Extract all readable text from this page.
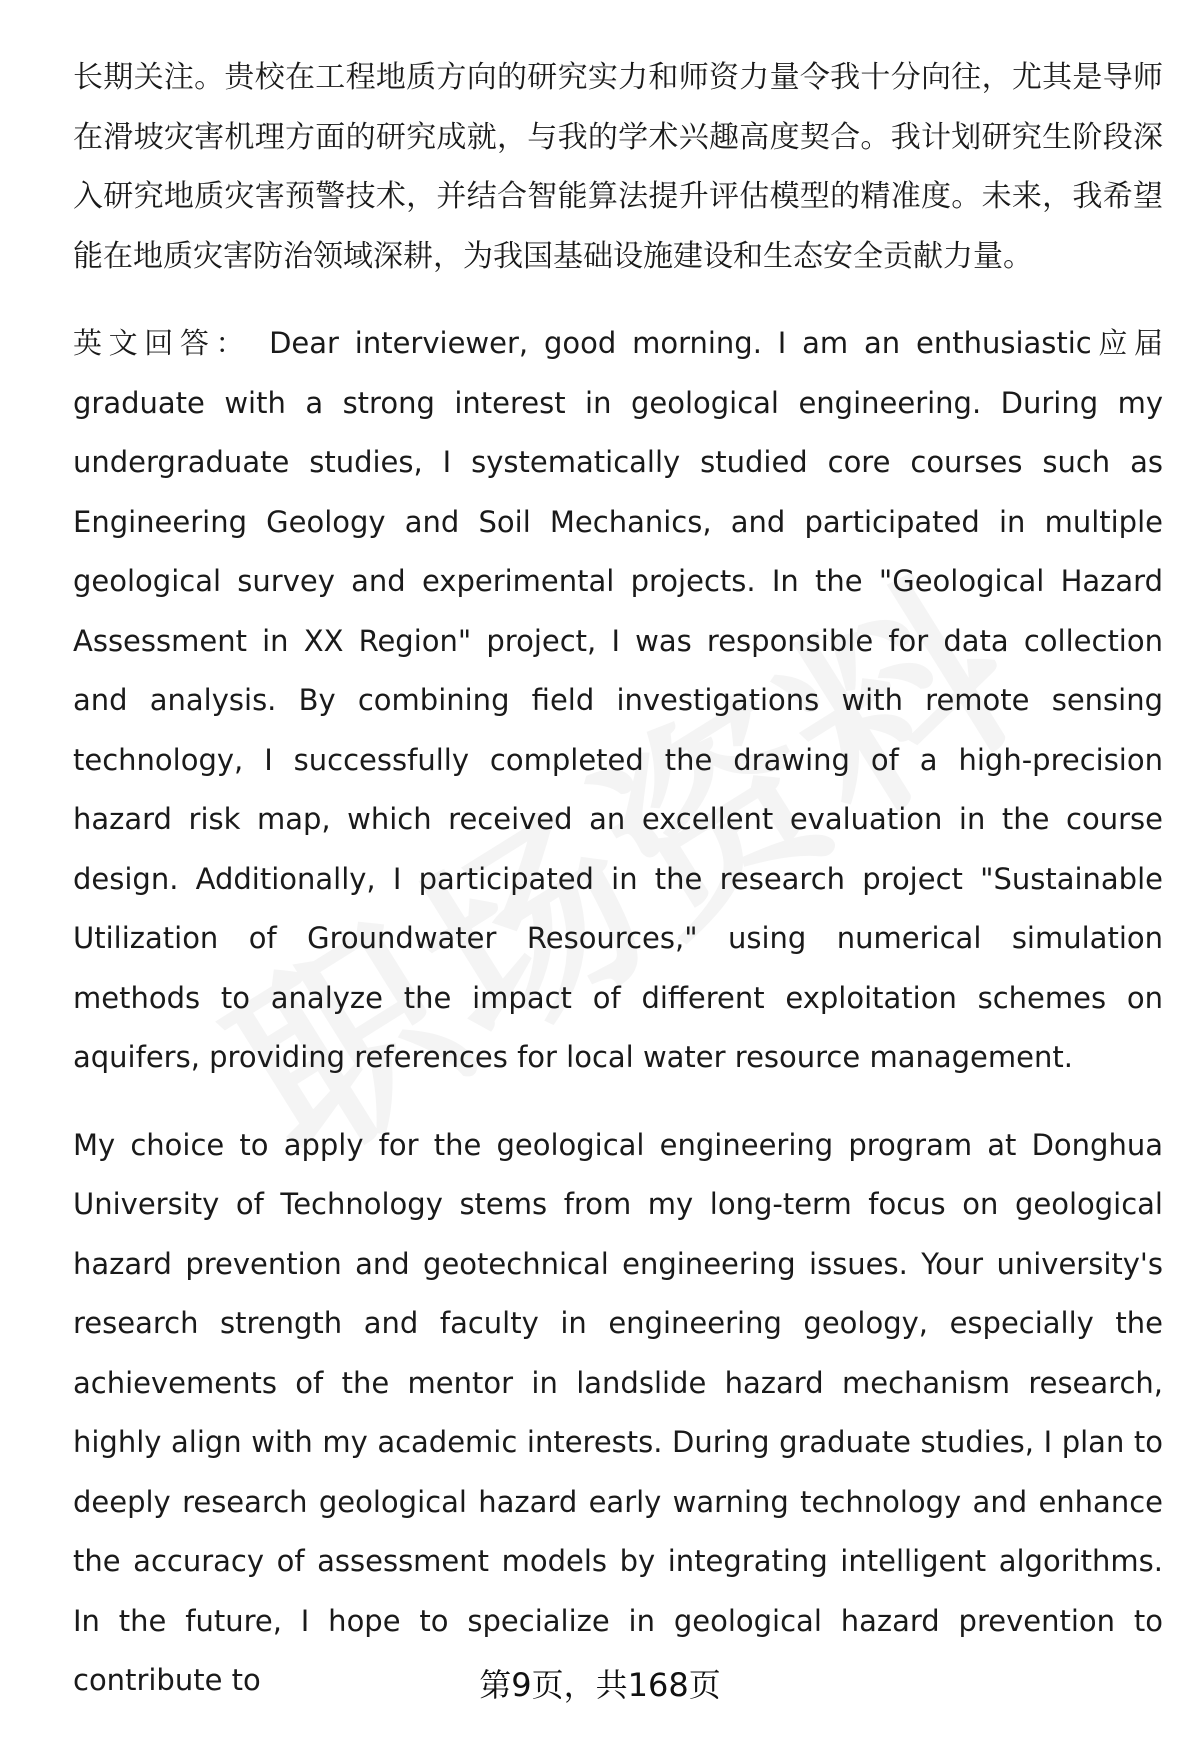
长期关注。贵校在工程地质方向的研究实力和师资力量令我十分向往，尤其是导师在滑坡灾害机理方面的研究成就，与我的学术兴趣高度契合。我计划研究生阶段深入研究地质灾害预警技术，并结合智能算法提升评估模型的精准度。未来，我希望能在地质灾害防治领域深耕，为我国基础设施建设和生态安全贡献力量。

英文回答： Dear interviewer, good morning. I am an enthusiastic应届 graduate with a strong interest in geological engineering. During my undergraduate studies, I systematically studied core courses such as Engineering Geology and Soil Mechanics, and participated in multiple geological survey and experimental projects. In the "Geological Hazard Assessment in XX Region" project, I was responsible for data collection and analysis. By combining field investigations with remote sensing technology, I successfully completed the drawing of a high-precision hazard risk map, which received an excellent evaluation in the course design. Additionally, I participated in the research project "Sustainable Utilization of Groundwater Resources," using numerical simulation methods to analyze the impact of different exploitation schemes on aquifers, providing references for local water resource management.

My choice to apply for the geological engineering program at Donghua University of Technology stems from my long-term focus on geological hazard prevention and geotechnical engineering issues. Your university's research strength and faculty in engineering geology, especially the achievements of the mentor in landslide hazard mechanism research, highly align with my academic interests. During graduate studies, I plan to deeply research geological hazard early warning technology and enhance the accuracy of assessment models by integrating intelligent algorithms. In the future, I hope to specialize in geological hazard prevention to contribute to	第9页，共168页
